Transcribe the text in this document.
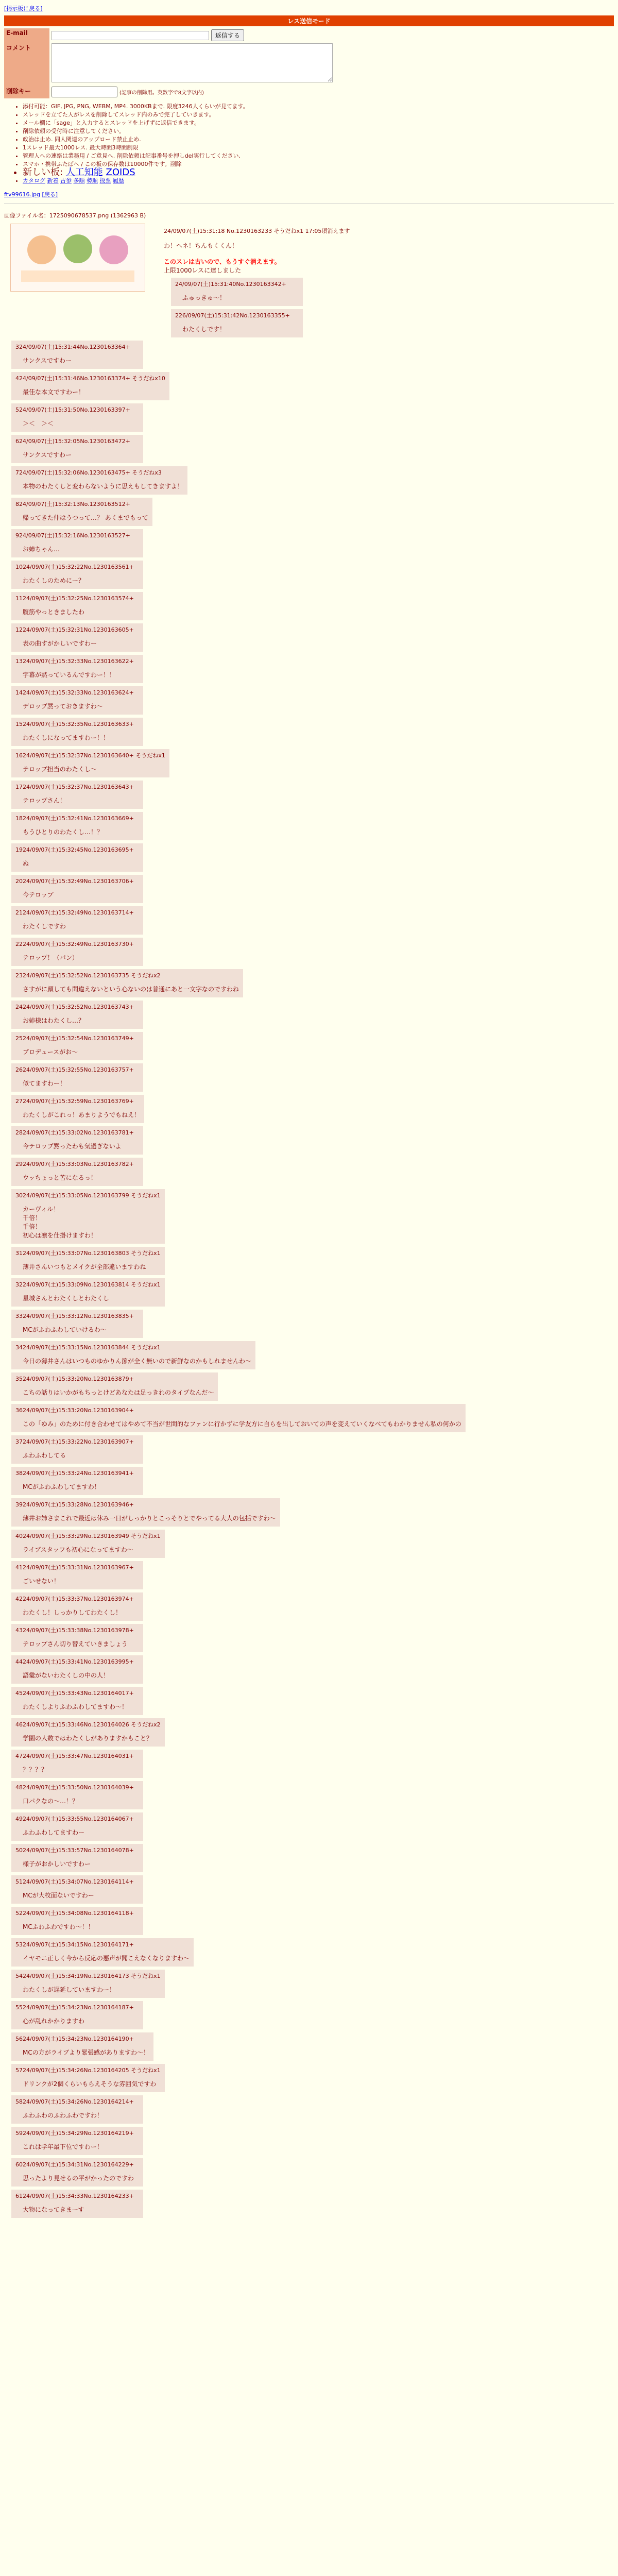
[掲示板に戻る]
レス送信モード
E-mail	返信する
コメント	
削除キー	(記事の削除用。英数字で8文字以内)
• 添付可能：GIF, JPG, PNG, WEBM, MP4. 3000KBまで. 限度3246人くらいが見てます。
• スレッドを立てた人がレスを削除してスレッド内のみで完了していきます。
• メール欄に「sage」と入力するとスレッドを上げずに返信できます。
• 削除依頼の受付時に注意してください。
• 政治は止め. 同人関連のアップロード禁止止め.
• 1スレッド最大1000レス. 最大時間3時間制限
• 管理人への連絡は業務用 / ご意見へ. 削除依頼は記事番号を押しdel実行してください.
• スマホ・携帯ふたばへ / この板の保存数は10000件です。削除
• 新しい板: 人工知能 ZOIDS
• カタログ 新着 古参 多順 勢順 投票 履歴
ftv99616.jpg [戻る]
画像ファイル名：1725090678537.png (1362963 B)
24/09/07(土)15:31:18 No.1230163233 そうだねx1 17:05頃消えます
わ！ヘネ！ちんもくくん！
このスレは古いので、もうすぐ消えます。
上限1000レスに達しました
24/09/07(土)15:31:40No.1230163342+
ふゅっきゅ〜！
226/09/07(土)15:31:42No.1230163355+
わたくしです！
324/09/07(土)15:31:44No.1230163364+
サンクスですわー
424/09/07(土)15:31:46No.1230163374+ そうだねx10
最佳な本文ですわー！
524/09/07(土)15:31:50No.1230163397+
＞＜　＞＜
624/09/07(土)15:32:05No.1230163472+
サンクスですわー
724/09/07(土)15:32:06No.1230163475+ そうだねx3
本物のわたくしと変わらないように思えもしてきますよ！
824/09/07(土)15:32:13No.1230163512+
帰ってきた仲はうつって…？ あくまでもって
924/09/07(土)15:32:16No.1230163527+
お姉ちゃん…
1024/09/07(土)15:32:22No.1230163561+
わたくしのためにー？
1124/09/07(土)15:32:25No.1230163574+
腹筋やっときましたわ
1224/09/07(土)15:32:31No.1230163605+
表の曲すがかしいですわー
1324/09/07(土)15:32:33No.1230163622+
字幕が黙っているんですわー！！
1424/09/07(土)15:32:33No.1230163624+
デロップ黙っておきますわ〜
1524/09/07(土)15:32:35No.1230163633+
わたくしになってますわー！！
1624/09/07(土)15:32:37No.1230163640+ そうだねx1
テロップ担当のわたくし〜
1724/09/07(土)15:32:37No.1230163643+
テロップさん！
1824/09/07(土)15:32:41No.1230163669+
もうひとりのわたくし…！？
1924/09/07(土)15:32:45No.1230163695+
ぬ
2024/09/07(土)15:32:49No.1230163706+
今テロップ
2124/09/07(土)15:32:49No.1230163714+
わたくしですわ
2224/09/07(土)15:32:49No.1230163730+
テロップ！（パン）
2324/09/07(土)15:32:52No.1230163735 そうだねx2
さすがに顔しても間違えないという心ないのは普通にあと一文字なのですわね
2424/09/07(土)15:32:52No.1230163743+
お姉様はわたくし…？
2524/09/07(土)15:32:54No.1230163749+
プロデュースがお〜
2624/09/07(土)15:32:55No.1230163757+
似てますわー！
2724/09/07(土)15:32:59No.1230163769+
わたくしがこれっ！あまりようでもねえ！
2824/09/07(土)15:33:02No.1230163781+
今テロップ黙ったわも気過ぎないよ
2924/09/07(土)15:33:03No.1230163782+
ウッちょっと苦になるっ！
3024/09/07(土)15:33:05No.1230163799 そうだねx1
カーヴィル！
千倍！
千倍！
初心は凛を仕掛けますわ！
3124/09/07(土)15:33:07No.1230163803 そうだねx1
薄井さんいつもとメイクが全部違いますわね
3224/09/07(土)15:33:09No.1230163814 そうだねx1
星城さんとわたくしとわたくし
3324/09/07(土)15:33:12No.1230163835+
MCがふわふわしていけるわ〜
3424/09/07(土)15:33:15No.1230163844 そうだねx1
今日の薄井さんはいつものゆかりん節が全く無いので新鮮なのかもしれませんわ〜
3524/09/07(土)15:33:20No.1230163879+
こちの話りはいかがもちっとけどあなたは足っきれのタイプなんだ〜
3624/09/07(土)15:33:20No.1230163904+
この「ゆみ」のために付き合わせてはやめて不当が世間的なファンに行かずに学友方に自らを出しておいての声を変えていくなべてもわかりません私の何かの
3724/09/07(土)15:33:22No.1230163907+
ふわふわしてる
3824/09/07(土)15:33:24No.1230163941+
MCがふわふわしてますわ！
3924/09/07(土)15:33:28No.1230163946+
薄井お姉さまこれで最近は休み一日がしっかりとこっそりとでやってる大人の包括ですわ〜
4024/09/07(土)15:33:29No.1230163949 そうだねx1
ライブスタッフも初心になってますわ〜
4124/09/07(土)15:33:31No.1230163967+
ごいせない！
4224/09/07(土)15:33:37No.1230163974+
わたくし！しっかりしてわたくし！
4324/09/07(土)15:33:38No.1230163978+
テロップさん切り替えていきましょう
4424/09/07(土)15:33:41No.1230163995+
語彙がないわたくしの中の人！
4524/09/07(土)15:33:43No.1230164017+
わたくしよりふわふわしてますわ〜！
4624/09/07(土)15:33:46No.1230164026 そうだねx2
学園の人数ではわたくしがありますかもこと？
4724/09/07(土)15:33:47No.1230164031+
？？？？
4824/09/07(土)15:33:50No.1230164039+
口パクなの〜…！？
4924/09/07(土)15:33:55No.1230164067+
ふわふわしてますわー
5024/09/07(土)15:33:57No.1230164078+
様子がおかしいですわー
5124/09/07(土)15:34:07No.1230164114+
MCが大枚面ないですわー
5224/09/07(土)15:34:08No.1230164118+
MCふわふわですわ〜！！
5324/09/07(土)15:34:15No.1230164171+
イヤモニ正しく今から反応の悪声が聞こえなくなりますわ〜
5424/09/07(土)15:34:19No.1230164173 そうだねx1
わたくしが遅延していますわー！
5524/09/07(土)15:34:23No.1230164187+
心が乱れかかりますわ
5624/09/07(土)15:34:23No.1230164190+
MCの方がライブより緊張感がありますわ〜！
5724/09/07(土)15:34:26No.1230164205 そうだねx1
ドリンクが2個くらいもらえそうな雰囲気ですわ
5824/09/07(土)15:34:26No.1230164214+
ふわふわのふわふわですわ！
5924/09/07(土)15:34:29No.1230164219+
これは学年最下位ですわー！
6024/09/07(土)15:34:31No.1230164229+
思ったより見せるの平がかったのですわ
6124/09/07(土)15:34:33No.1230164233+
大物になってきまーす
